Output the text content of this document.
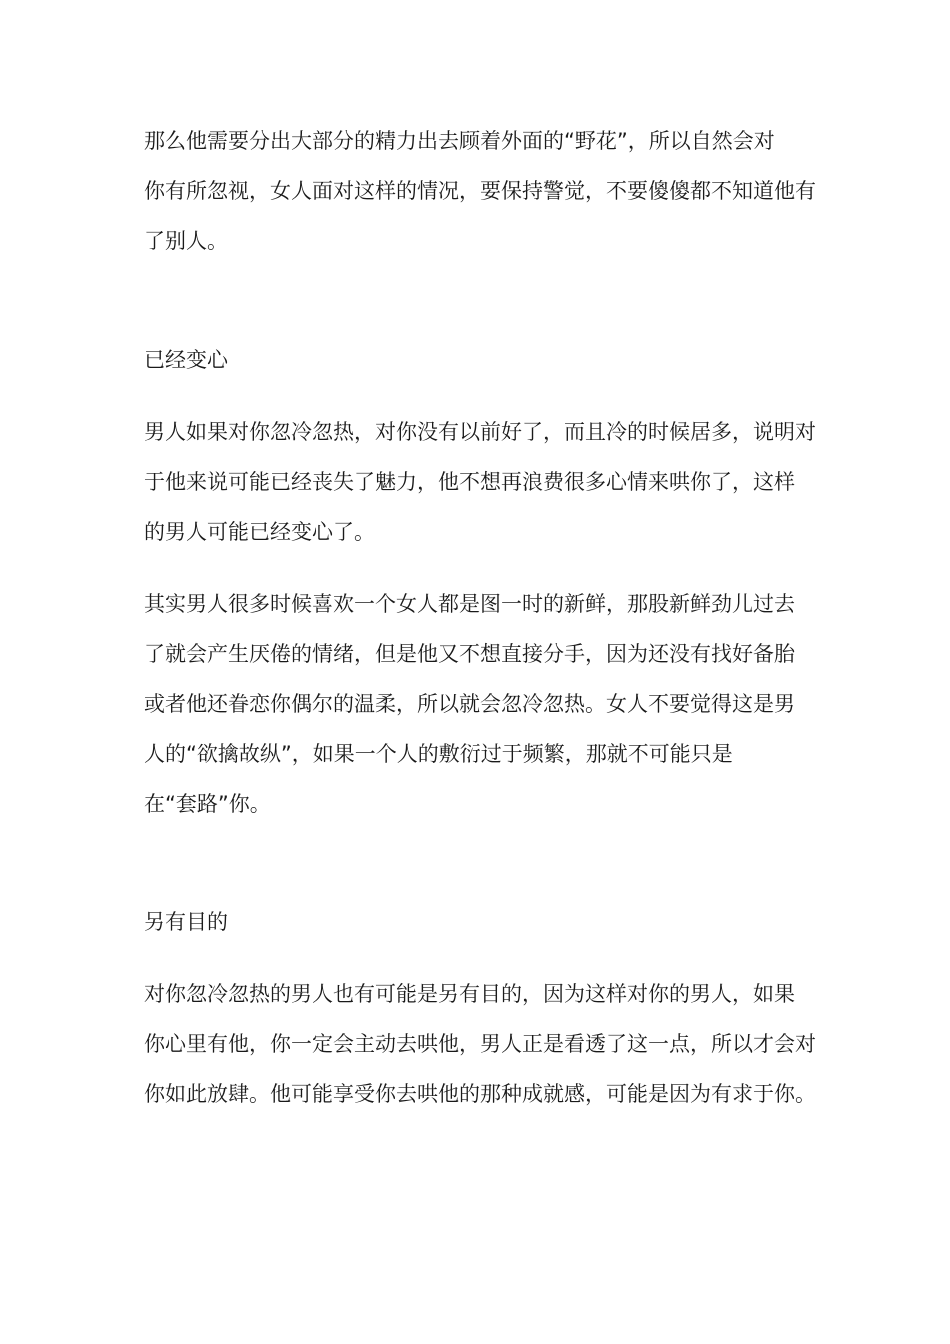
那么他需要分出大部分的精力出去顾着外面的“野花”，所以自然会对

你有所忽视，女人面对这样的情况，要保持警觉，不要傻傻都不知道他有

了别人。

已经变心

男人如果对你忽冷忽热，对你没有以前好了，而且冷的时候居多，说明对

于他来说可能已经丧失了魅力，他不想再浪费很多心情来哄你了，这样

的男人可能已经变心了。

其实男人很多时候喜欢一个女人都是图一时的新鲜，那股新鲜劲儿过去

了就会产生厌倦的情绪，但是他又不想直接分手，因为还没有找好备胎

或者他还眷恋你偶尔的温柔，所以就会忽冷忽热。女人不要觉得这是男

人的“欲擒故纵”，如果一个人的敷衍过于频繁，那就不可能只是

在“套路”你。

另有目的

对你忽冷忽热的男人也有可能是另有目的，因为这样对你的男人，如果

你心里有他，你一定会主动去哄他，男人正是看透了这一点，所以才会对

你如此放肆。他可能享受你去哄他的那种成就感，可能是因为有求于你。
